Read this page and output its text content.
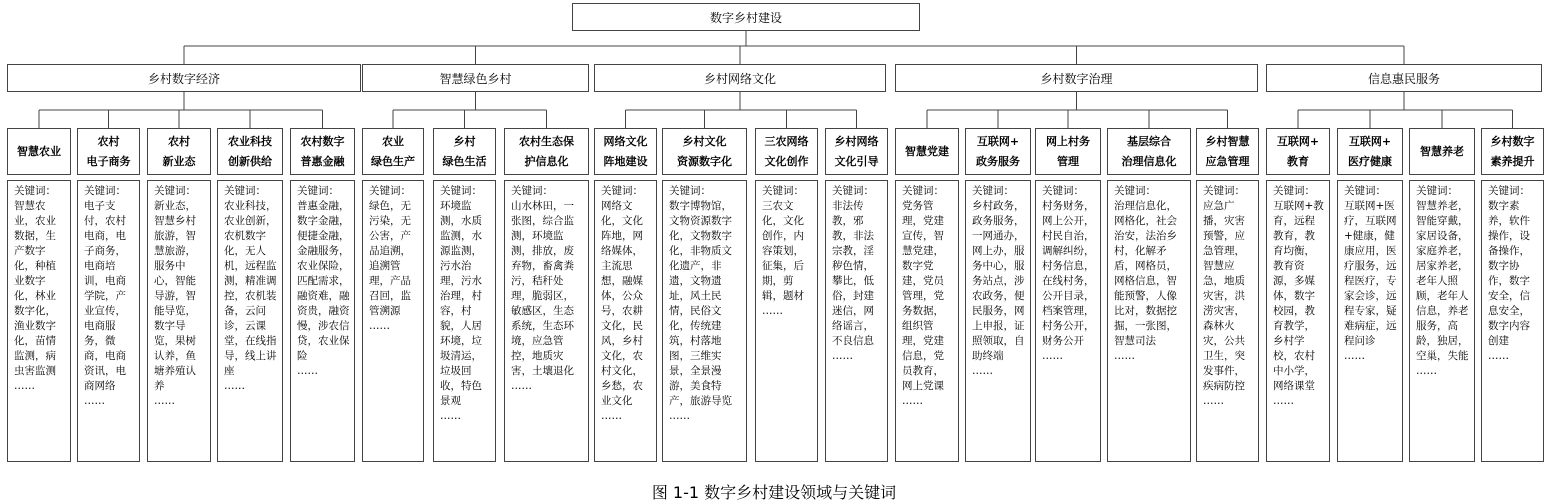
数字乡村建设
乡村数字经济
智慧农业
关键词：
智慧农业，农业数据，生产数字化，种植业数字化，林业数字化，渔业数字化，苗情监测，病虫害监测
……
农村
电子商务
关键词：
电子支付，农村电商，电子商务，电商培训，电商学院，产业宣传，电商服务，微商，电商资讯，电商网络
……
农村
新业态
关键词：
新业态，智慧乡村旅游，智慧旅游，服务中心，智能导游，智能导览，数字导览，果树认养，鱼塘养殖认养
……
农业科技
创新供给
关键词：
农业科技，农业创新，农机数字化，无人机，远程监测，精准调控，农机装备，云问诊，云课堂，在线指导，线上讲座
……
农村数字
普惠金融
关键词：
普惠金融，数字金融，便捷金融，金融服务，农业保险，匹配需求，融资难，融资贵，融资慢，涉农信贷，农业保险
……
智慧绿色乡村
农业
绿色生产
关键词：
绿色，无污染，无公害，产品追溯，追溯管理，产品召回，监管溯源
……
乡村
绿色生活
关键词：
环境监测，水质监测，水源监测，污水治理，污水治理，村容，村貌，人居环境，垃圾清运，垃圾回收，特色景观
……
农村生态保
护信息化
关键词：
山水林田，一张图，综合监测，环境监测，排放，废弃物，畜禽粪污，秸秆处理，脆弱区，敏感区，生态系统，生态环境，应急管控，地质灾害，土壤退化
……
乡村网络文化
网络文化
阵地建设
关键词：
网络文化，文化阵地，网络媒体，主流思想，融媒体，公众号，农耕文化，民风，乡村文化，农村文化，乡愁，农业文化
……
乡村文化
资源数字化
关键词：
数字博物馆，文物资源数字化，文物数字化，非物质文化遗产，非遗，文物遗址，风土民情，民俗文化，传统建筑，村落地图，三维实景，全景漫游，美食特产，旅游导览
……
三农网络
文化创作
关键词：
三农文化，文化创作，内容策划，征集，后期，剪辑，题材
……
乡村网络
文化引导
关键词：
非法传教，邪教，非法宗教，淫秽色情，攀比，低俗，封建迷信，网络谣言，不良信息
……
乡村数字治理
智慧党建
关键词：
党务管理，党建宣传，智慧党建，数字党建，党员管理，党务数据，组织管理，党建信息，党员教育，网上党课
……
互联网+
政务服务
关键词：
乡村政务，政务服务，一网通办，网上办，服务中心，服务站点，涉农政务，便民服务，网上申报，证照领取，自助终端
……
网上村务
管理
关键词：
村务财务，网上公开，村民自治，调解纠纷，村务信息，在线村务，公开目录，档案管理，村务公开，财务公开
……
基层综合
治理信息化
关键词：
治理信息化，网格化，社会治安，法治乡村，化解矛盾，网格员，网格信息，智能预警，人像比对，数据挖掘，一张图，智慧司法
……
乡村智慧
应急管理
关键词：
应急广播，灾害预警，应急管理，智慧应急，地质灾害，洪涝灾害，森林火灾，公共卫生，突发事件，疾病防控
……
信息惠民服务
互联网+
教育
关键词：
互联网+教育，远程教育，教育均衡，教育资源，多媒体，数字校园，教育教学，乡村学校，农村中小学，网络课堂
……
互联网+
医疗健康
关键词：
互联网+医疗，互联网+健康，健康应用，医疗服务，远程医疗，专家会诊，远程专家，疑难病症，远程问诊
……
智慧养老
关键词：
智慧养老，智能穿戴，家居设备，家庭养老，居家养老，老年人照顾，老年人信息，养老服务，高龄，独居，空巢，失能
……
乡村数字
素养提升
关键词：
数字素养，软件操作，设备操作，数字协作，数字安全，信息安全，数字内容创建
……
图 1-1 数字乡村建设领域与关键词
